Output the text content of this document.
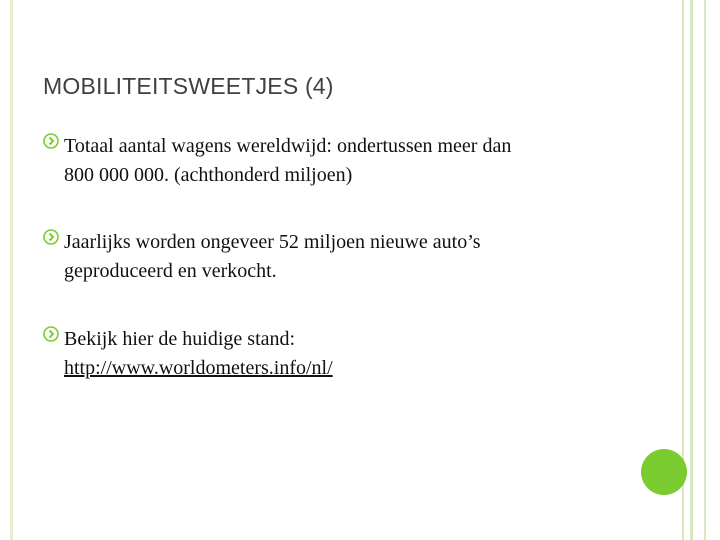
MOBILITEITSWEETJES (4)
Totaal aantal wagens wereldwijd: ondertussen meer dan
800 000 000. (achthonderd miljoen)
Jaarlijks worden ongeveer 52 miljoen nieuwe auto’s
geproduceerd en verkocht.
Bekijk hier de huidige stand:
http://www.worldometers.info/nl/
